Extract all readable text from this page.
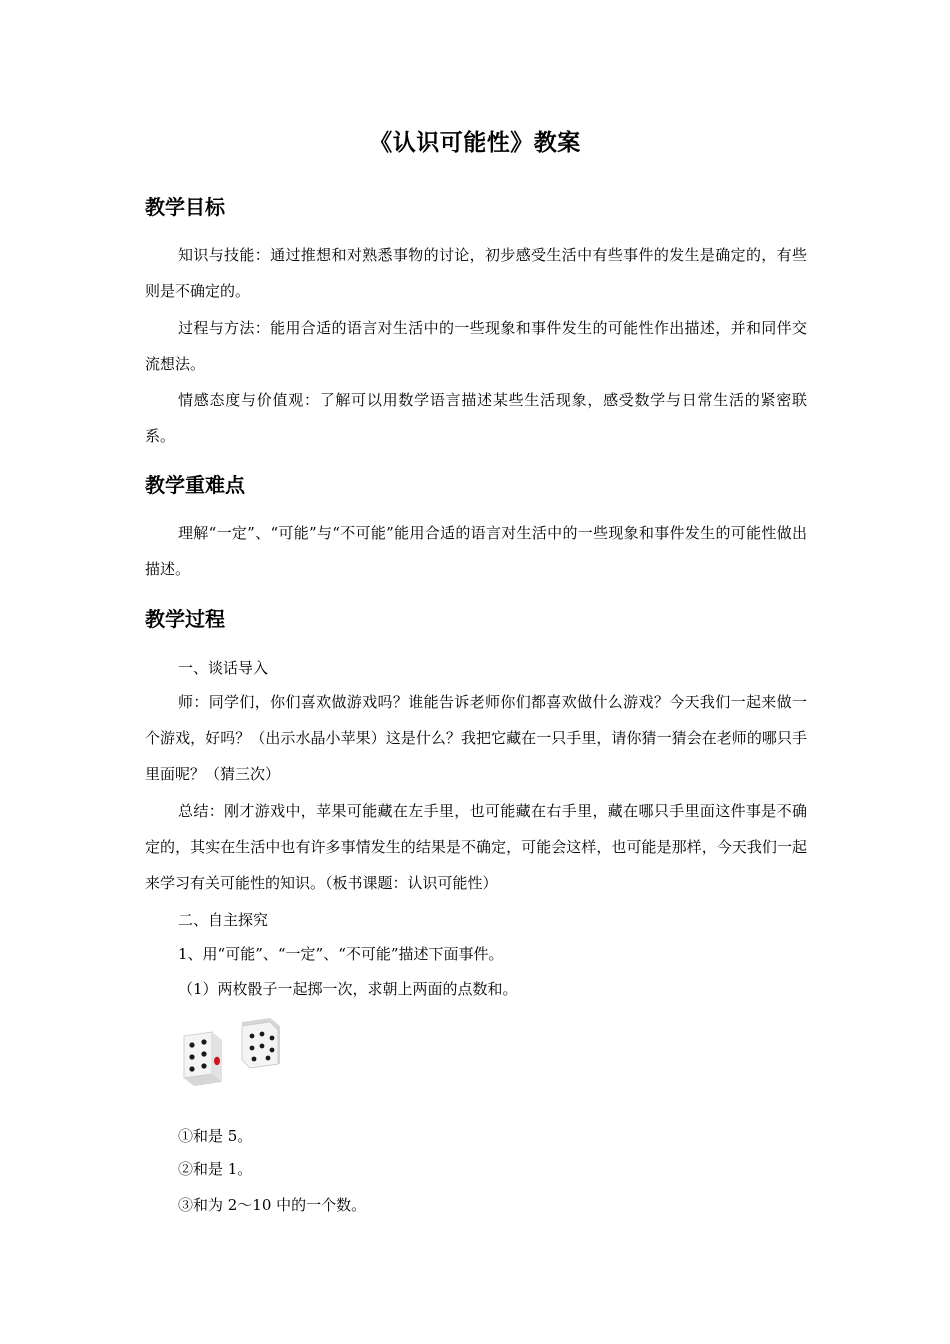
《认识可能性》教案
教学目标

知识与技能：通过推想和对熟悉事物的讨论，初步感受生活中有些事件的发生是确定的，有些则是不确定的。

过程与方法：能用合适的语言对生活中的一些现象和事件发生的可能性作出描述，并和同伴交流想法。

情感态度与价值观：了解可以用数学语言描述某些生活现象，感受数学与日常生活的紧密联系。

教学重难点

理解“一定”、“可能”与“不可能”能用合适的语言对生活中的一些现象和事件发生的可能性做出描述。

教学过程
一、谈话导入

师：同学们，你们喜欢做游戏吗？谁能告诉老师你们都喜欢做什么游戏？今天我们一起来做一个游戏，好吗？（出示水晶小苹果）这是什么？我把它藏在一只手里，请你猜一猜会在老师的哪只手里面呢？（猜三次）

总结：刚才游戏中，苹果可能藏在左手里，也可能藏在右手里，藏在哪只手里面这件事是不确定的，其实在生活中也有许多事情发生的结果是不确定，可能会这样，也可能是那样，今天我们一起来学习有关可能性的知识。（板书课题：认识可能性）

二、自主探究
1、用“可能”、“一定”、“不可能”描述下面事件。
（1）两枚骰子一起掷一次，求朝上两面的点数和。
①和是 5。
②和是 1。
③和为 2～10 中的一个数。
